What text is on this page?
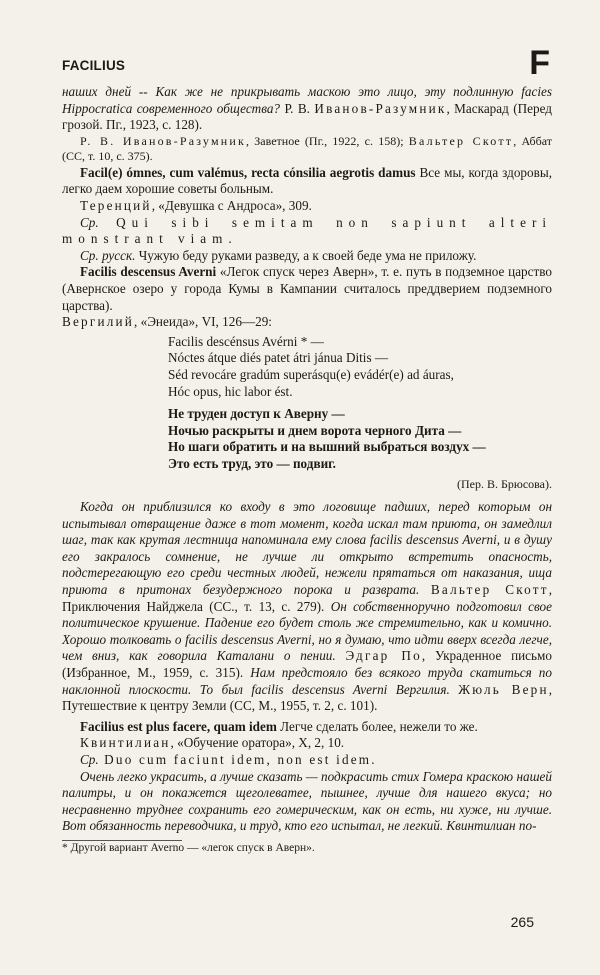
FACILIUS	F

наших дней -- Как же не прикрывать маскою это лицо, эту подлинную facies Hippocratica современного общества? Р. В. Иванов-Разумник, Маскарад (Перед грозой. Пг., 1923, с. 128).

Р. В. Иванов-Разумник, Заветное (Пг., 1922, с. 158); Вальтер Скотт, Аббат (СС, т. 10, с. 375).

Facil(e) ómnes, cum valémus, recta cónsilia aegrotis damus Все мы, когда здоровы, легко даем хорошие советы больным.

Теренций, «Девушка с Андроса», 309.

Ср. Qui sibi semitam non sapiunt alteri monstrant viam.

Ср. русск. Чужую беду руками разведу, а к своей беде ума не приложу.

Facilis descensus Averni «Легок спуск через Аверн», т. е. путь в подземное царство (Авернское озеро у города Кумы в Кампании считалось преддверием подземного царства).

Вергилий, «Энеида», VI, 126—29:

Facilis descénsus Avérni * —
Nóctes átque diés patet átri jánua Ditis —
Séd revocáre gradúm superásqu(e) evádér(e) ad áuras,
Hóc opus, hic labor ést.
Не труден доступ к Аверну —
Ночью раскрыты и днем ворота черного Дита —
Но шаги обратить и на вышний выбраться воздух —
Это есть труд, это — подвиг.
(Пер. В. Брюсова).

Когда он приблизился ко входу в это логовище падших, перед которым он испытывал отвращение даже в тот момент, когда искал там приюта, он замедлил шаг, так как крутая лестница напоминала ему слова facilis descensus Averni, и в душу его закралось сомнение, не лучше ли открыто встретить опасность, подстерегающую его среди честных людей, нежели прятаться от наказания, ища приюта в притонах безудержного порока и разврата. Вальтер Скотт, Приключения Найджела (СС., т. 13, с. 279). Он собственноручно подготовил свое политическое крушение. Падение его будет столь же стремительно, как и комично. Хорошо толковать о facilis descensus Averni, но я думаю, что идти вверх всегда легче, чем вниз, как говорила Каталани о пении. Эдгар По, Украденное письмо (Избранное, М., 1959, с. 315). Нам предстояло без всякого труда скатиться по наклонной плоскости. То был facilis descensus Averni Вергилия. Жюль Верн, Путешествие к центру Земли (СС, М., 1955, т. 2, с. 101).

Facilius est plus facere, quam idem Легче сделать более, нежели то же.

Квинтилиан, «Обучение оратора», X, 2, 10.

Ср. Duo cum faciunt idem, non est idem.

Очень легко украсить, а лучше сказать — подкрасить стих Гомера краскою нашей палитры, и он покажется щеголеватее, пышнее, лучше для нашего вкуса; но несравненно труднее сохранить его гомерическим, как он есть, ни хуже, ни лучше. Вот обязанность переводчика, и труд, кто его испытал, не легкий. Квинтилиан по-

* Другой вариант Averno — «легок спуск в Аверн».

265
